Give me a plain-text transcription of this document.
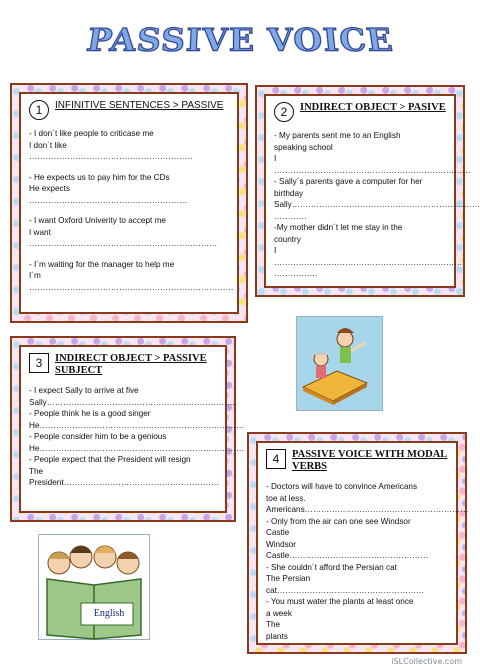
PASSIVE VOICE
1	INFINITIVE SENTENCES > PASSIVE
- I don´t like people to criticase me
I don´t like ……………………………………………………
- He expects us to pay him for the CDs
He expects ………………………………………………….
- I want Oxford Univerity to accept me
I want ……………………………………………………………
- I´m waiting for the manager to help me
I´m …………………………………………………………………
2	INDIRECT OBJECT > PASIVE
- My parents sent me to an English
speaking school
I ………………………………………………………………
- Sally´s parents gave a computer for her
birthday
Sally……………………………………………………………
…………
-My mother didn´t let me stay in the
country
I ……………………………………………………………
…………….
3	INDIRECT OBJECT > PASSIVE SUBJECT
- I expect Sally to arrive at five
Sally……………………………………………………………
- People think he is a good singer
He…………………………………………………………………
- People consider him to be a genious
He…………………………………………………………………
- People expect that the President will resign
The President…………………………………………………
4	PASSIVE VOICE WITH MODAL VERBS
- Doctors will have to convince Americans
toe at less.
Americans……………………………………………………
- Only from the air can one see Windsor
Castle
Windsor Castle……………………………………………
- She couldn´t afford the Persian cat
The Persian cat………………………………………………
- You must water the plants at least once
a week
The
plants
English
iSLCollective.com
